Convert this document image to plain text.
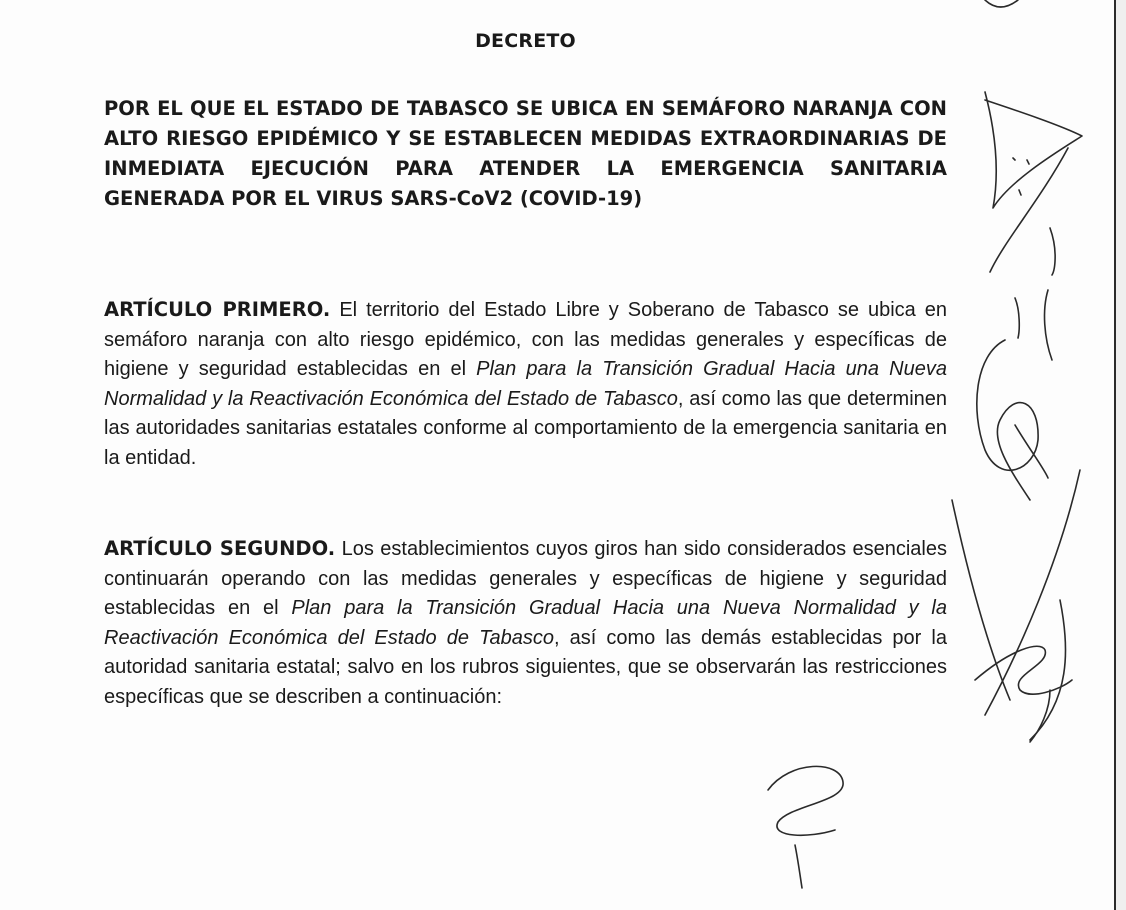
DECRETO

POR EL QUE EL ESTADO DE TABASCO SE UBICA EN SEMÁFORO NARANJA CON ALTO RIESGO EPIDÉMICO Y SE ESTABLECEN MEDIDAS EXTRAORDINARIAS DE INMEDIATA EJECUCIÓN PARA ATENDER LA EMERGENCIA SANITARIA GENERADA POR EL VIRUS SARS-CoV2 (COVID-19)

ARTÍCULO PRIMERO. El territorio del Estado Libre y Soberano de Tabasco se ubica en semáforo naranja con alto riesgo epidémico, con las medidas generales y específicas de higiene y seguridad establecidas en el Plan para la Transición Gradual Hacia una Nueva Normalidad y la Reactivación Económica del Estado de Tabasco, así como las que determinen las autoridades sanitarias estatales conforme al comportamiento de la emergencia sanitaria en la entidad.

ARTÍCULO SEGUNDO. Los establecimientos cuyos giros han sido considerados esenciales continuarán operando con las medidas generales y específicas de higiene y seguridad establecidas en el Plan para la Transición Gradual Hacia una Nueva Normalidad y la Reactivación Económica del Estado de Tabasco, así como las demás establecidas por la autoridad sanitaria estatal; salvo en los rubros siguientes, que se observarán las restricciones específicas que se describen a continuación:
